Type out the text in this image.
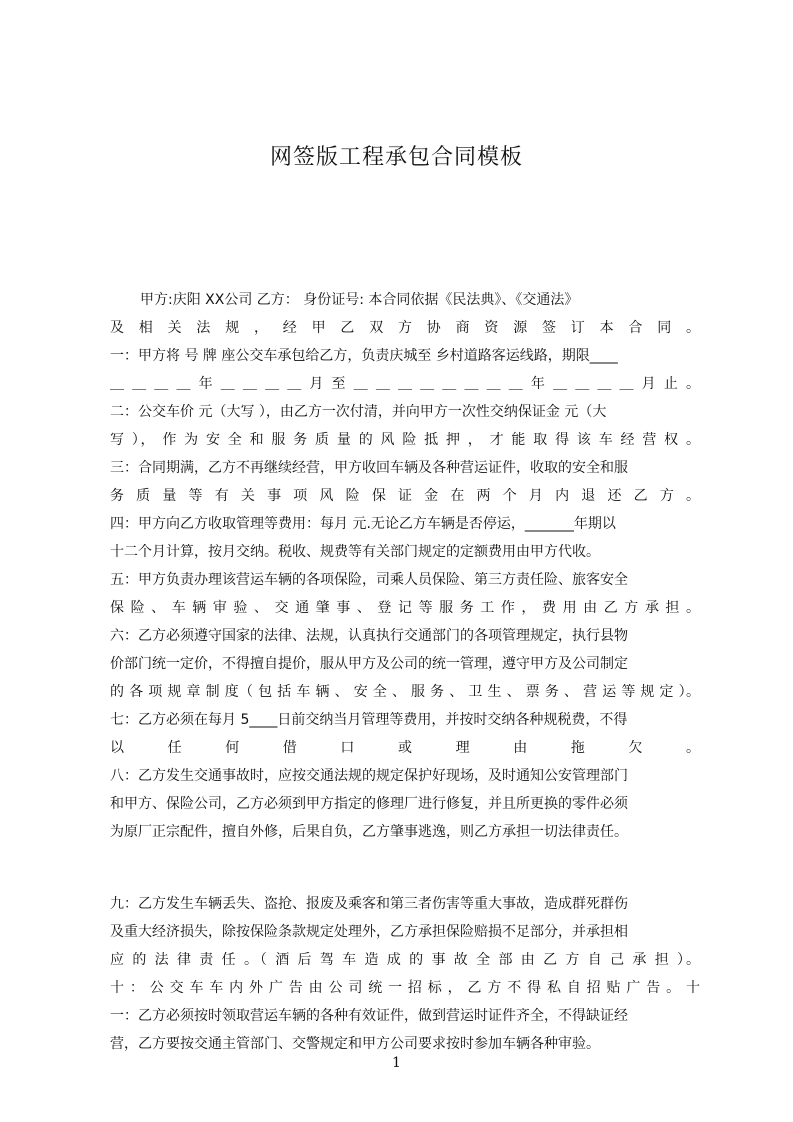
网签版工程承包合同模板
甲方:庆阳 XX公司 乙方： 身份证号: 本合同依据《民法典》、《交通法》
及 相 关 法 规 ， 经 甲 乙 双 方 协 商 资 源 签 订 本 合 同 。
一：甲方将 号 牌 座公交车承包给乙方，负责庆城至 乡村道路客运线路，期限____
＿ ＿ ＿ ＿ 年 ＿ ＿ ＿ ＿ 月 至 ＿ ＿ ＿ ＿ ＿ ＿ ＿ ＿ 年 ＿ ＿ ＿ ＿ 月 止 。
二：公交车价 元（大写 ），由乙方一次付清，并向甲方一次性交纳保证金 元（大
写 ）， 作 为 安 全 和 服 务 质 量 的 风 险 抵 押 ， 才 能 取 得 该 车 经 营 权 。
三：合同期满，乙方不再继续经营，甲方收回车辆及各种营运证件，收取的安全和服
务 质 量 等 有 关 事 项 风 险 保 证 金 在 两 个 月 内 退 还 乙 方 。
四：甲方向乙方收取管理等费用：每月 元.无论乙方车辆是否停运，_______年期以
十二个月计算，按月交纳。税收、规费等有关部门规定的定额费用由甲方代收。
五：甲方负责办理该营运车辆的各项保险，司乘人员保险、第三方责任险、旅客安全
保 险 、 车 辆 审 验 、 交 通 肇 事 、 登 记 等 服 务 工 作 ， 费 用 由 乙 方 承 担 。
六：乙方必须遵守国家的法律、法规，认真执行交通部门的各项管理规定，执行县物
价部门统一定价，不得擅自提价，服从甲方及公司的统一管理，遵守甲方及公司制定
的 各 项 规 章 制 度（ 包 括 车 辆 、 安 全 、 服 务 、 卫 生 、 票 务 、 营 运 等 规 定 ）。
七：乙方必须在每月 5____日前交纳当月管理等费用，并按时交纳各种规税费，不得
以 任 何 借 口 或 理 由 拖 欠 。
八：乙方发生交通事故时，应按交通法规的规定保护好现场，及时通知公安管理部门
和甲方、保险公司，乙方必须到甲方指定的修理厂进行修复，并且所更换的零件必须
为原厂正宗配件，擅自外修，后果自负，乙方肇事逃逸，则乙方承担一切法律责任。
九：乙方发生车辆丢失、盗抢、报废及乘客和第三者伤害等重大事故，造成群死群伤
及重大经济损失，除按保险条款规定处理外，乙方承担保险赔损不足部分，并承担相
应 的 法 律 责 任 。（ 酒 后 驾 车 造 成 的 事 故 全 部 由 乙 方 自 己 承 担 ）。
十 ： 公 交 车 车 内 外 广 告 由 公 司 统 一 招 标 ， 乙 方 不 得 私 自 招 贴 广 告 。 十
一：乙方必须按时领取营运车辆的各种有效证件，做到营运时证件齐全，不得缺证经
营，乙方要按交通主管部门、交警规定和甲方公司要求按时参加车辆各种审验。
1
